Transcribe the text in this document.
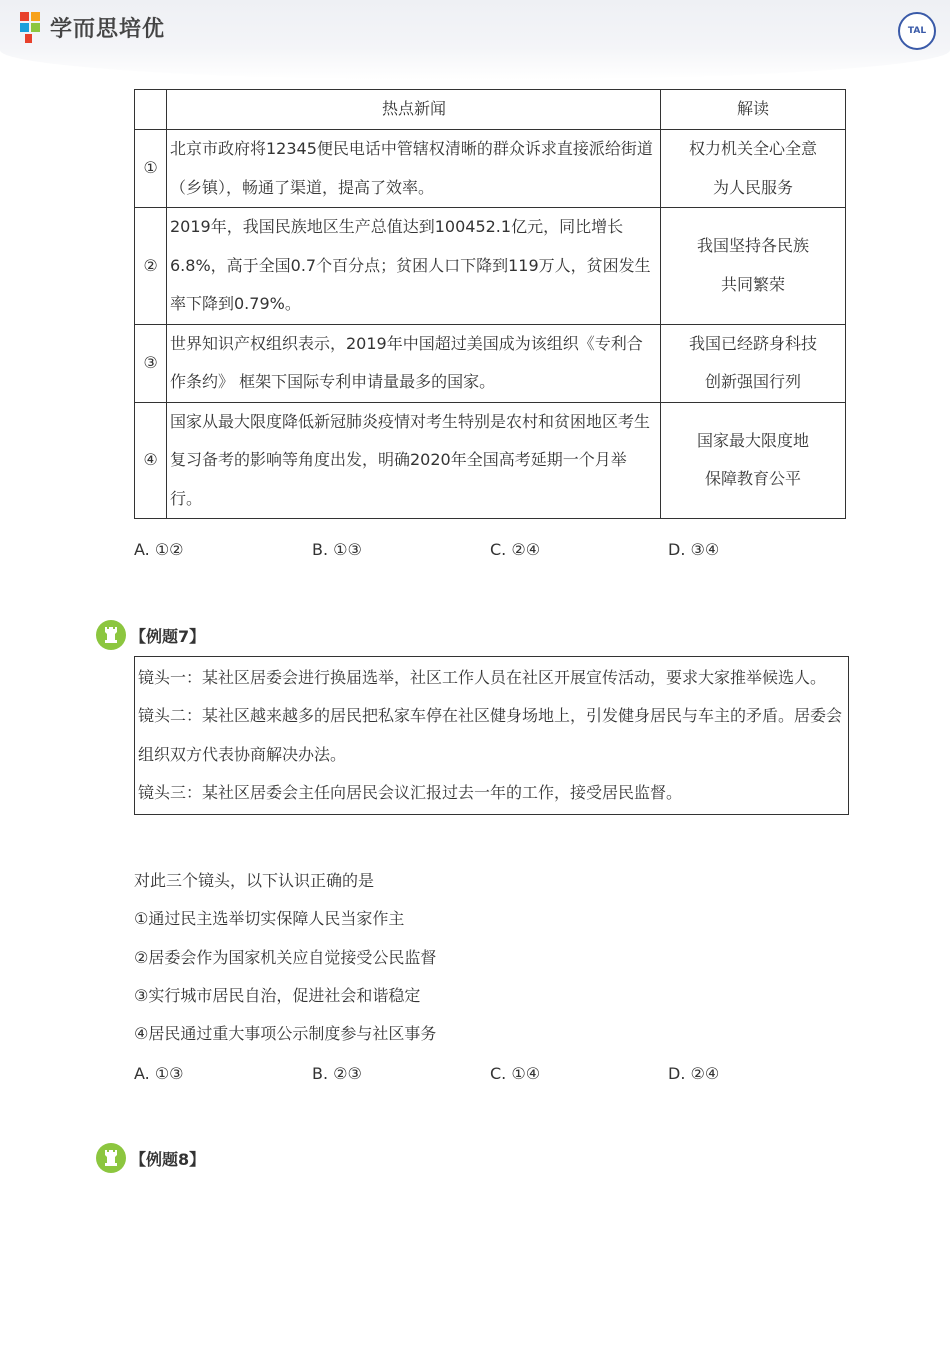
学而思培优	TAL
	热点新闻	解读
①	北京市政府将12345便民电话中管辖权清晰的群众诉求直接派给街道（乡镇），畅通了渠道，提高了效率。	权力机关全心全意
为人民服务

②	2019年，我国民族地区生产总值达到100452.1亿元，同比增长6.8%，高于全国0.7个百分点；贫困人口下降到119万人，贫困发生率下降到0.79%。	我国坚持各民族
共同繁荣

③	世界知识产权组织表示，2019年中国超过美国成为该组织《专利合作条约》 框架下国际专利申请量最多的国家。	我国已经跻身科技
创新强国行列

④	国家从最大限度降低新冠肺炎疫情对考生特别是农村和贫困地区考生复习备考的影响等角度出发，明确2020年全国高考延期一个月举行。	国家最大限度地
保障教育公平
A. ①②	B. ①③	C. ②④	D. ③④
【例题7】
镜头一：某社区居委会进行换届选举，社区工作人员在社区开展宣传活动，要求大家推举候选人。
镜头二：某社区越来越多的居民把私家车停在社区健身场地上，引发健身居民与车主的矛盾。居委会组织双方代表协商解决办法。
镜头三：某社区居委会主任向居民会议汇报过去一年的工作，接受居民监督。
对此三个镜头，以下认识正确的是
①通过民主选举切实保障人民当家作主
②居委会作为国家机关应自觉接受公民监督
③实行城市居民自治，促进社会和谐稳定
④居民通过重大事项公示制度参与社区事务
A. ①③	B. ②③	C. ①④	D. ②④
【例题8】
